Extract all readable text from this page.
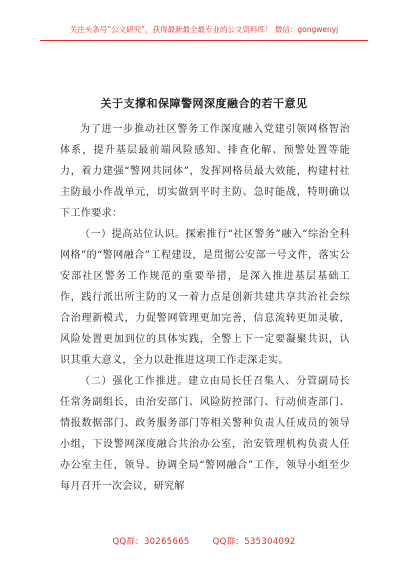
关注头条号“公文研究”，获得最新最全最专业的公文资料库！ 微信：gongwenyj
关于支撑和保障警网深度融合的若干意见

为了进一步推动社区警务工作深度融入党建引领网格智治体系，提升基层最前端风险感知、排查化解、预警处置等能力，着力建强“警网共同体”，发挥网格员最大效能，构建村社主防最小作战单元，切实做到平时主防、急时能战，特明确以下工作要求：

（一）提高站位认识。探索推行“社区警务”融入“综治全科网格”的“警网融合”工程建设，是贯彻公安部一号文件，落实公安部社区警务工作规范的重要举措，是深入推进基层基础工作，践行派出所主防的又一着力点是创新共建共享共治社会综合治理新模式，力促警网管理更加完善，信息流转更加灵敏，风险处置更加到位的具体实践，全警上下一定要凝聚共识，认识其重大意义，全力以赴推进这项工作走深走实。

（二）强化工作推进。建立由局长任召集人、分管副局长任常务副组长，由治安部门、风险防控部门、行动侦查部门、情报数据部门、政务服务部门等相关警种负责人任成员的领导小组，下设警网深度融合共治办公室，治安管理机构负责人任办公室主任，领导、协调全局“警网融合”工作，领导小组至少每月召开一次会议，研究解

QQ群：30265665	QQ群：535304092
